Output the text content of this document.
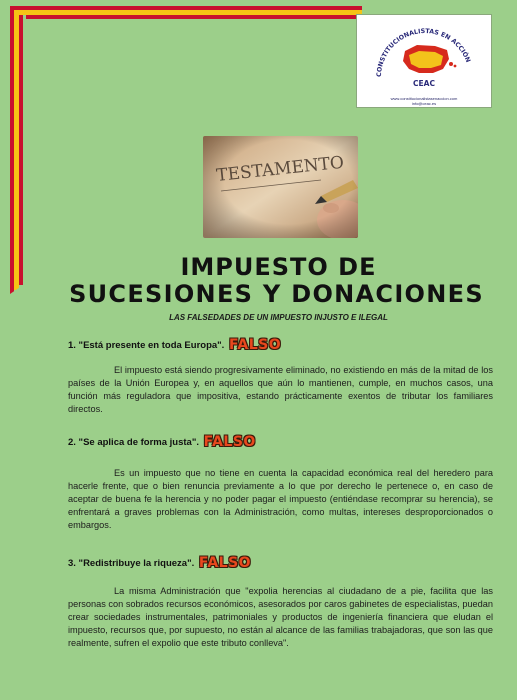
CONSTITUCIONALISTAS EN ACCIÓN
CEAC
www.constitucionalistasenaccion.com
info@ceac.es
IMPUESTO DE
SUCESIONES Y DONACIONES
LAS FALSEDADES DE UN IMPUESTO INJUSTO E ILEGAL
1. "Está presente en toda Europa". FALSO
El impuesto está siendo progresivamente eliminado, no existiendo en más de la mitad de los países de la Unión Europea y, en aquellos que aún lo mantienen, cumple, en muchos casos, una función más reguladora que impositiva, estando prácticamente exentos de tributar los familiares directos.
2. "Se aplica de forma justa". FALSO
Es un impuesto que no tiene en cuenta la capacidad económica real del heredero para hacerle frente, que o bien renuncia previamente a lo que por derecho le pertenece o, en caso de aceptar de buena fe la herencia y no poder pagar el impuesto (entiéndase recomprar su herencia), se enfrentará a graves problemas con la Administración, como multas, intereses desproporcionados o embargos.
3. "Redistribuye la riqueza". FALSO
La misma Administración que "expolia herencias al ciudadano de a pie, facilita que las personas con sobrados recursos económicos, asesorados por caros gabinetes de especialistas, puedan crear sociedades instrumentales, patrimoniales y productos de ingeniería financiera que eludan el impuesto, recursos que, por supuesto, no están al alcance de las familias trabajadoras, que son las que realmente, sufren el expolio que este tributo conlleva".
